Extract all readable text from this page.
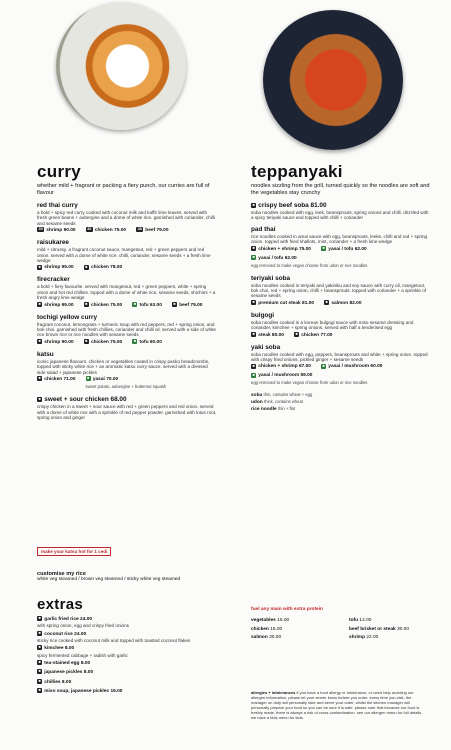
curry
whether mild + fragrant or packing a fiery punch, our curries are full of flavour
red thai curry
a bold + spicy red curry cooked with coconut milk and kaffir lime leaves. served with fresh green beans + aubergine and a dome of white rice. garnished with coriander, chilli and sesame seeds
39 shrimp 90.00	40 chicken 75.00	38 beef 79.00
raisukaree
mild + citrussy. a fragrant coconut sauce, mangetout, red + green peppers and red onion. served with a dome of white rice. chilli, coriander, sesame seeds + a fresh lime wedge
■ shrimp 95.00	■ chicken 78.00
firecracker
a bold + fiery favourite. served with mangetout, red + green peppers, white + spring onion and hot red chillies. topped with a dome of white rice, sesame seeds, shichimi + a fresh angry lime wedge
■ shrimp 95.00	■ chicken 75.00	■ tofu 63.00	■ beef 75.00
tochigi yellow curry
fragrant coconut, lemongrass + turmeric soup with red peppers, red + spring onion, and bok choi. garnished with fresh chillies, coriander and chilli oil. served with a side of white rice brown rice or rice noodles with sesame seeds
■ shrimp 90.00	■ chicken 75.00	■ tofu 60.00
katsu
iconic japanese flavours. chicken or vegetables coated in crispy panko breadcrumbs, topped with sticky white rice + an aromatic katsu curry sauce. served with a dressed side salad + japanese pickles
■ chicken 71.00	■ yasai 70.00
sweet potato, aubergine + butternut squash
■ sweet + sour chicken 68.00
crispy chicken in a sweet + sour sauce with red + green peppers and red onion. served with a dome of white rice with a sprinkle of red pepper powder. garnished with lotus root, spring onion and ginger
teppanyaki
noodles sizzling from the grill, turned quickly so the noodles are soft and the vegetables stay crunchy
■ crispy beef soba 81.00
soba noodles cooked with egg, leek, beansprouts, spring onions and chilli. drizzled with a spicy teriyaki sauce and topped with chilli + coriander
pad thai
rice noodles cooked in amai sauce with egg, beansprouts, leeks, chilli and red + spring onion. topped with fried shallots, mint, coriander + a fresh lime wedge
■ chicken + shrimp 75.00	■ yasai / tofu 62.00
■ yasai / tofu 62.00
egg removed to make vegan choose from udon or rice noodles
teriyaki soba
soba noodles cooked in teriyaki and yakiniku and soy sauce with curry oil, mangetout, bok choi, red + spring onion, chilli + beansprouts. topped with coriander + a sprinkle of sesame seeds
■ premium cut steak 81.00	■ salmon 82.00
bulgogi
soba noodles cooked in a korean bulgogi sauce with miso sesame dressing and coriander, kimchee + spring onions. served with half a tenderised egg
■ steak 80.00	■ chicken 77.00
yaki soba
soba noodles cooked with egg, peppers, beansprouts and white + spring onion. topped with crispy fried onions, pickled ginger + sesame seeds
■ chicken + shrimp 67.00	■ yasai / mushroom 60.00
■ yasai / mushroom 59.00
egg removed to make vegan choose from udon or rice noodles
soba thin, contains wheat + egg
udon thick, contains wheat
rice noodle thin + flat
make your katsu hot for 1 cedi
customise my rice
white veg steamed / brown veg steamed / sticky white veg steamed
extras
■ garlic fried rice 24.00
with spring onion, egg and crispy fried onions
■ coconut rice 24.00
sticky rice cooked with coconut milk and topped with toasted coconut flakes
■ kimchee 8.00
spicy fermented cabbage + radish with garlic
■ tea-stained egg 8.00
■ japanese pickles 8.00
■ chillies 8.00
■ miso soup, japanese pickles 15.00
fuel any main with extra protein
vegetables 15.00	tofu 12.00
chicken 15.00	beef brisket or steak 30.00
salmon 30.00	shrimp 22.00
allergies + intolerances if you have a food allergy or intolerance, or need help avoiding our allergen information, please let your server know before you order. every time you visit, the manager on duty will personally take and serve your order, whilst the kitchen manager will personally prepare your food so you can be sure it is safe. please note that because our food is freshly made, there is always a risk of cross-contamination. see our allergen menu for full details. we have a kids menu for kids.
